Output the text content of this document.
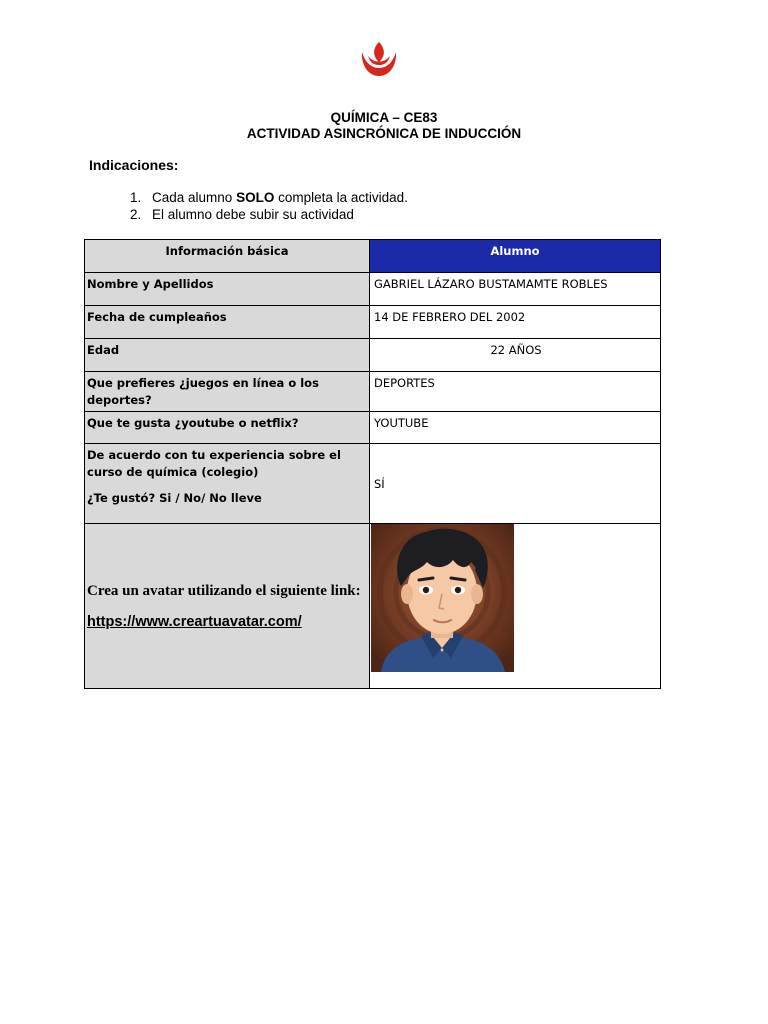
QUÍMICA – CE83
ACTIVIDAD ASINCRÓNICA DE INDUCCIÓN
Indicaciones:
1. Cada alumno SOLO completa la actividad.
2. El alumno debe subir su actividad
Información básica	Alumno
Nombre y Apellidos	GABRIEL LÁZARO BUSTAMAMTE ROBLES
Fecha de cumpleaños	14 DE FEBRERO DEL 2002
Edad	22 AÑOS
Que prefieres ¿juegos en línea o los deportes?	DEPORTES
Que te gusta ¿youtube o netflix?	YOUTUBE

De acuerdo con tu experiencia sobre el curso de química (colegio)
¿Te gustó? Si / No/ No lleve	SÍ

Crea un avatar utilizando el siguiente link:
https://www.creartuavatar.com/
